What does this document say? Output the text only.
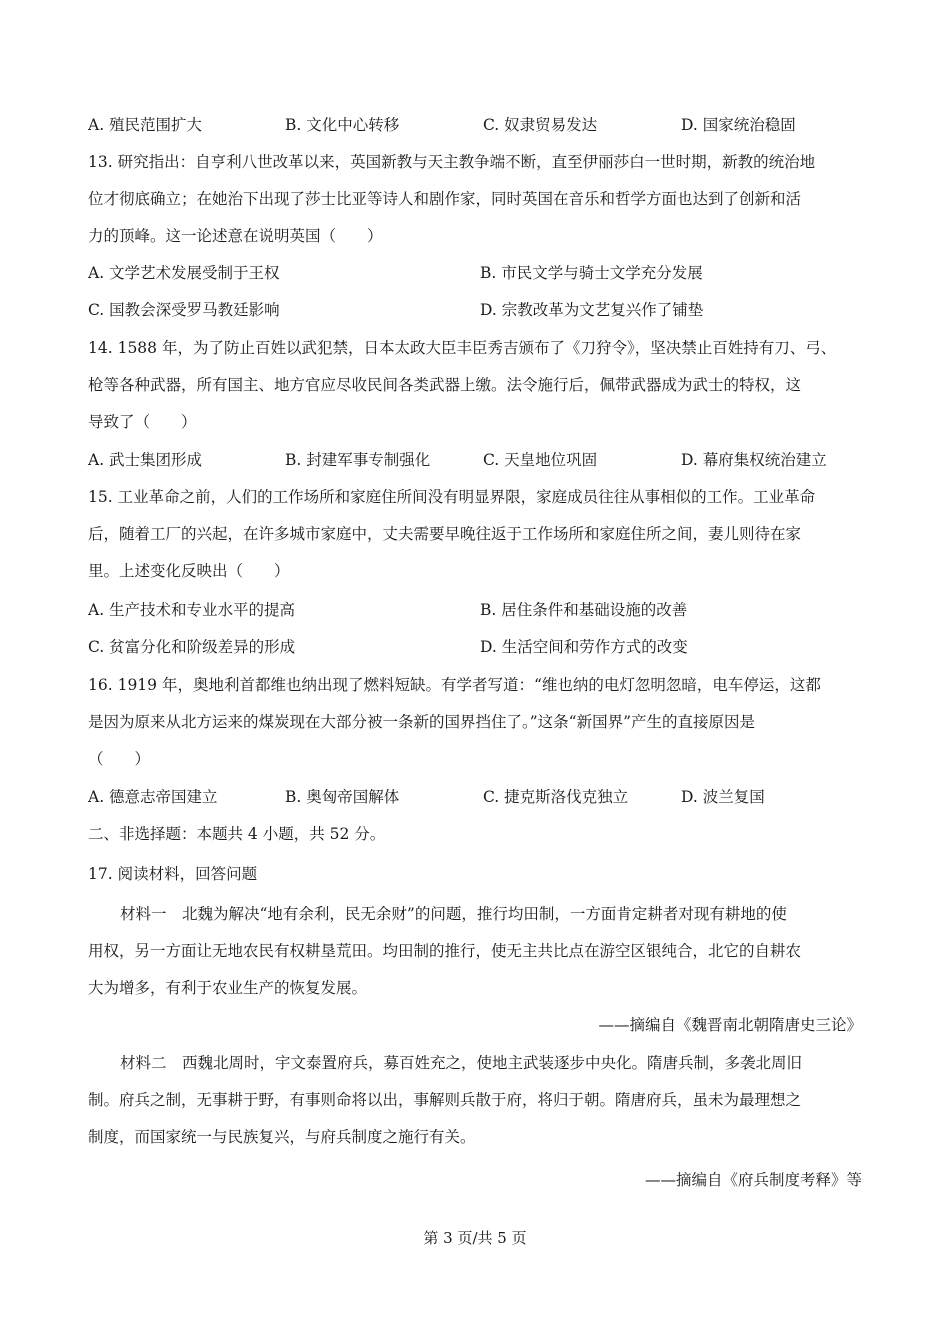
A. 殖民范围扩大	B. 文化中心转移	C. 奴隶贸易发达	D. 国家统治稳固
13. 研究指出：自亨利八世改革以来，英国新教与天主教争端不断，直至伊丽莎白一世时期，新教的统治地
位才彻底确立；在她治下出现了莎士比亚等诗人和剧作家，同时英国在音乐和哲学方面也达到了创新和活
力的顶峰。这一论述意在说明英国（　　）
A. 文学艺术发展受制于王权	B. 市民文学与骑士文学充分发展
C. 国教会深受罗马教廷影响	D. 宗教改革为文艺复兴作了铺垫
14. 1588 年，为了防止百姓以武犯禁，日本太政大臣丰臣秀吉颁布了《刀狩令》，坚决禁止百姓持有刀、弓、
枪等各种武器，所有国主、地方官应尽收民间各类武器上缴。法令施行后，佩带武器成为武士的特权，这
导致了（　　）
A. 武士集团形成	B. 封建军事专制强化	C. 天皇地位巩固	D. 幕府集权统治建立
15. 工业革命之前，人们的工作场所和家庭住所间没有明显界限，家庭成员往往从事相似的工作。工业革命
后，随着工厂的兴起，在许多城市家庭中，丈夫需要早晚往返于工作场所和家庭住所之间，妻儿则待在家
里。上述变化反映出（　　）
A. 生产技术和专业水平的提高	B. 居住条件和基础设施的改善
C. 贫富分化和阶级差异的形成	D. 生活空间和劳作方式的改变
16. 1919 年，奥地利首都维也纳出现了燃料短缺。有学者写道：“维也纳的电灯忽明忽暗，电车停运，这都
是因为原来从北方运来的煤炭现在大部分被一条新的国界挡住了。”这条“新国界”产生的直接原因是
（　　）
A. 德意志帝国建立	B. 奥匈帝国解体	C. 捷克斯洛伐克独立	D. 波兰复国
二、非选择题：本题共 4 小题，共 52 分。
17. 阅读材料，回答问题
材料一　北魏为解决“地有余利，民无余财”的问题，推行均田制，一方面肯定耕者对现有耕地的使
用权，另一方面让无地农民有权耕垦荒田。均田制的推行，使无主共比点在游空区银纯合，北它的自耕农
大为增多，有利于农业生产的恢复发展。
——摘编自《魏晋南北朝隋唐史三论》
材料二　西魏北周时，宇文泰置府兵，募百姓充之，使地主武装逐步中央化。隋唐兵制，多袭北周旧
制。府兵之制，无事耕于野，有事则命将以出，事解则兵散于府，将归于朝。隋唐府兵，虽未为最理想之
制度，而国家统一与民族复兴，与府兵制度之施行有关。
——摘编自《府兵制度考释》等
第 3 页/共 5 页
